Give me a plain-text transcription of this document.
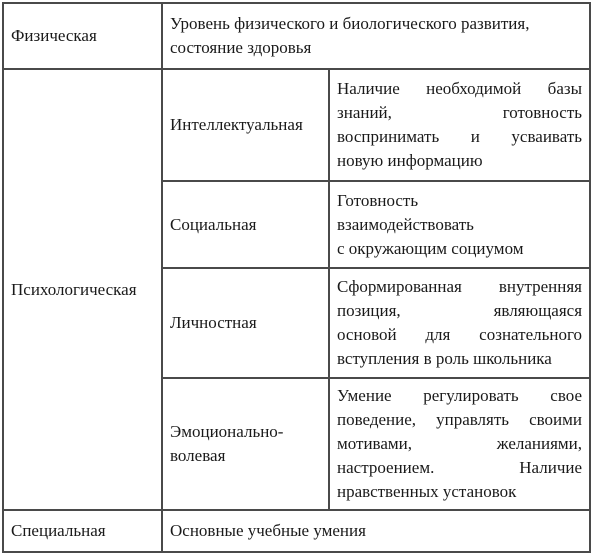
Физическая	Уровень физического и биологического развития, состояние здоровья	

Психологическая	Интеллектуальная	Наличие необходимой базы
знаний, готовность
воспринимать и усваивать
новую информацию

	Социальная	Готовность
взаимодействовать
с окружающим социумом

	Личностная	Сформированная внутренняя
позиция, являющаяся
основой для сознательного
вступления в роль школьника

	Эмоционально-
волевая	Умение регулировать свое
поведение, управлять своими
мотивами, желаниями,
настроением. Наличие
нравственных установок

Специальная	Основные учебные умения	
